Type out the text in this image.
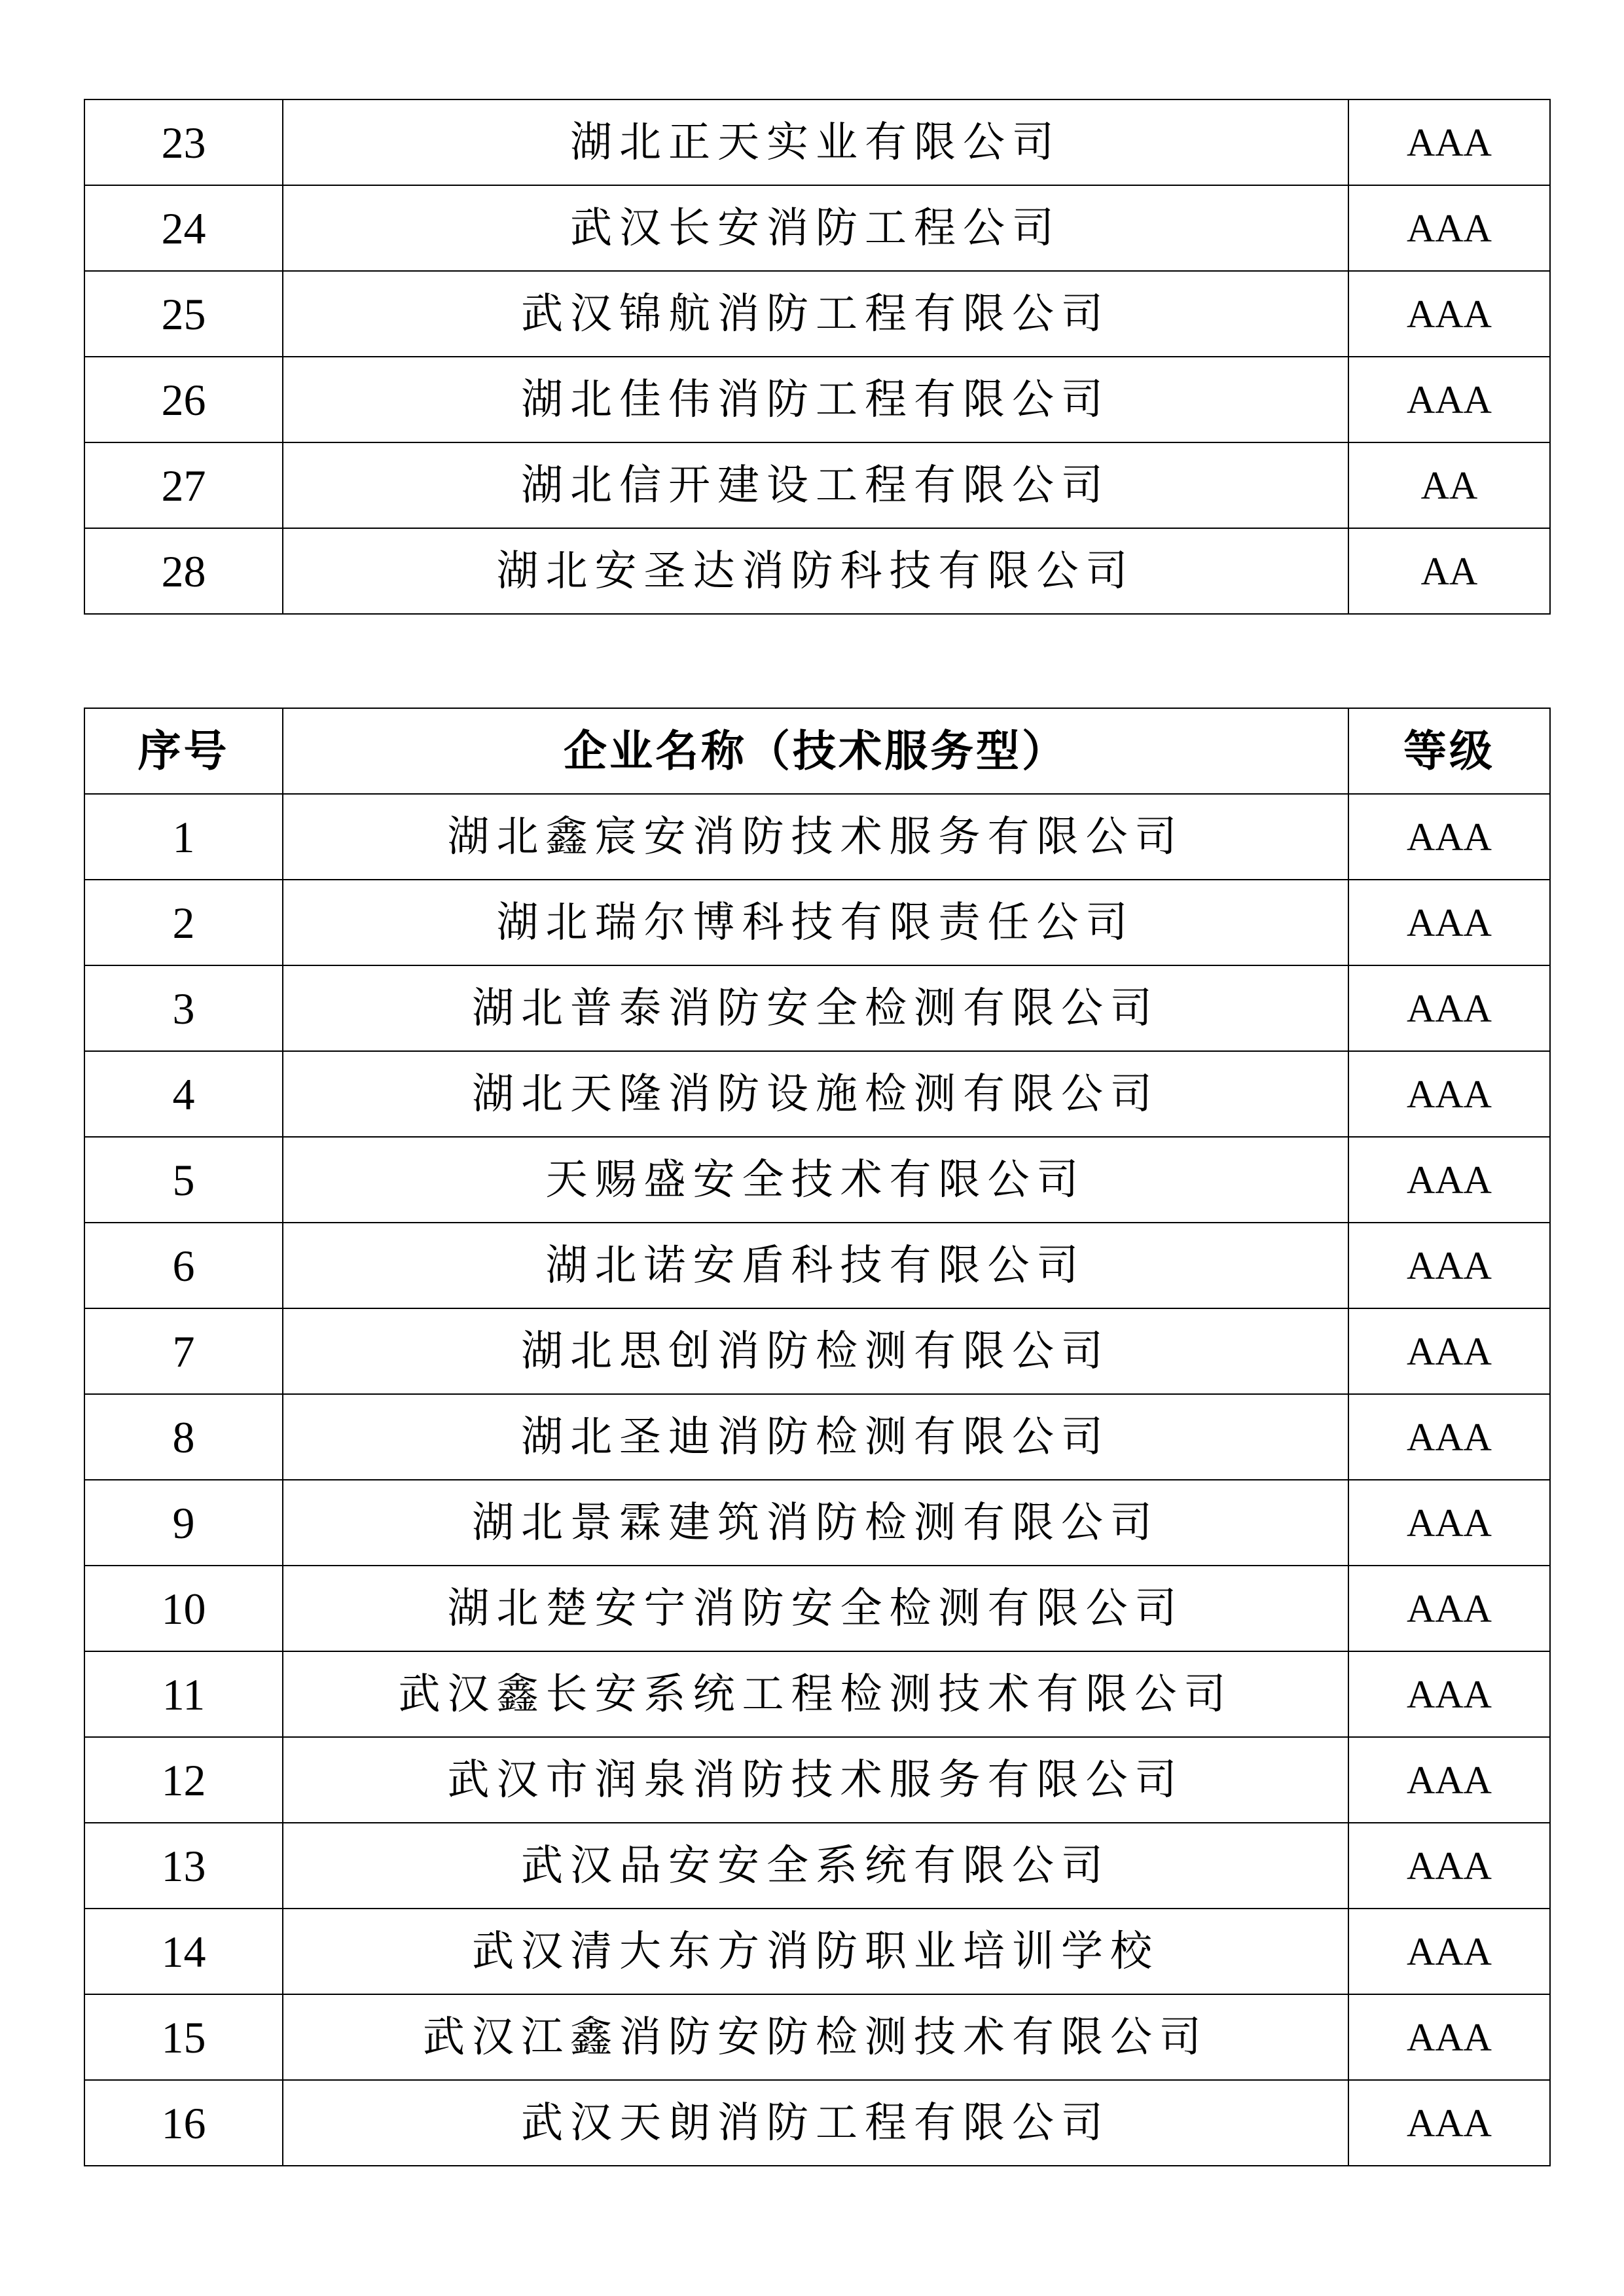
23	湖北正天实业有限公司	AAA
24	武汉长安消防工程公司	AAA
25	武汉锦航消防工程有限公司	AAA
26	湖北佳伟消防工程有限公司	AAA
27	湖北信开建设工程有限公司	AA
28	湖北安圣达消防科技有限公司	AA
序号	企业名称（技术服务型）	等级
1	湖北鑫宸安消防技术服务有限公司	AAA
2	湖北瑞尔博科技有限责任公司	AAA
3	湖北普泰消防安全检测有限公司	AAA
4	湖北天隆消防设施检测有限公司	AAA
5	天赐盛安全技术有限公司	AAA
6	湖北诺安盾科技有限公司	AAA
7	湖北思创消防检测有限公司	AAA
8	湖北圣迪消防检测有限公司	AAA
9	湖北景霖建筑消防检测有限公司	AAA
10	湖北楚安宁消防安全检测有限公司	AAA
11	武汉鑫长安系统工程检测技术有限公司	AAA
12	武汉市润泉消防技术服务有限公司	AAA
13	武汉品安安全系统有限公司	AAA
14	武汉清大东方消防职业培训学校	AAA
15	武汉江鑫消防安防检测技术有限公司	AAA
16	武汉天朗消防工程有限公司	AAA
